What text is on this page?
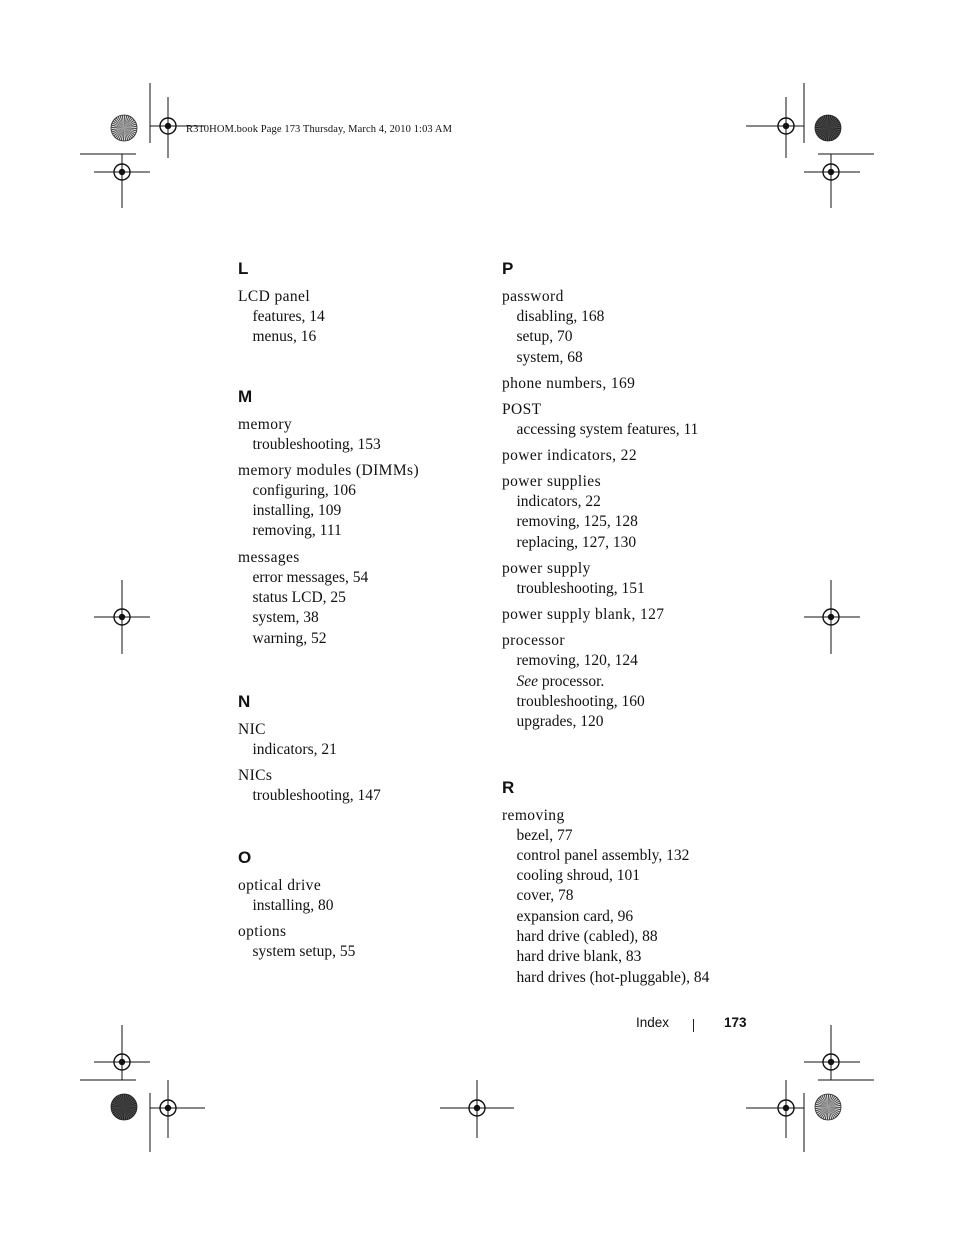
R310HOM.book Page 173 Thursday, March 4, 2010 1:03 AM
L
LCD panel
features, 14
menus, 16
M
memory
troubleshooting, 153
memory modules (DIMMs)
configuring, 106
installing, 109
removing, 111
messages
error messages, 54
status LCD, 25
system, 38
warning, 52
N
NIC
indicators, 21
NICs
troubleshooting, 147
O
optical drive
installing, 80
options
system setup, 55
P
password
disabling, 168
setup, 70
system, 68
phone numbers, 169
POST
accessing system features, 11
power indicators, 22
power supplies
indicators, 22
removing, 125, 128
replacing, 127, 130
power supply
troubleshooting, 151
power supply blank, 127
processor
removing, 120, 124
See processor.
troubleshooting, 160
upgrades, 120
R
removing
bezel, 77
control panel assembly, 132
cooling shroud, 101
cover, 78
expansion card, 96
hard drive (cabled), 88
hard drive blank, 83
hard drives (hot-pluggable), 84
Index	173
